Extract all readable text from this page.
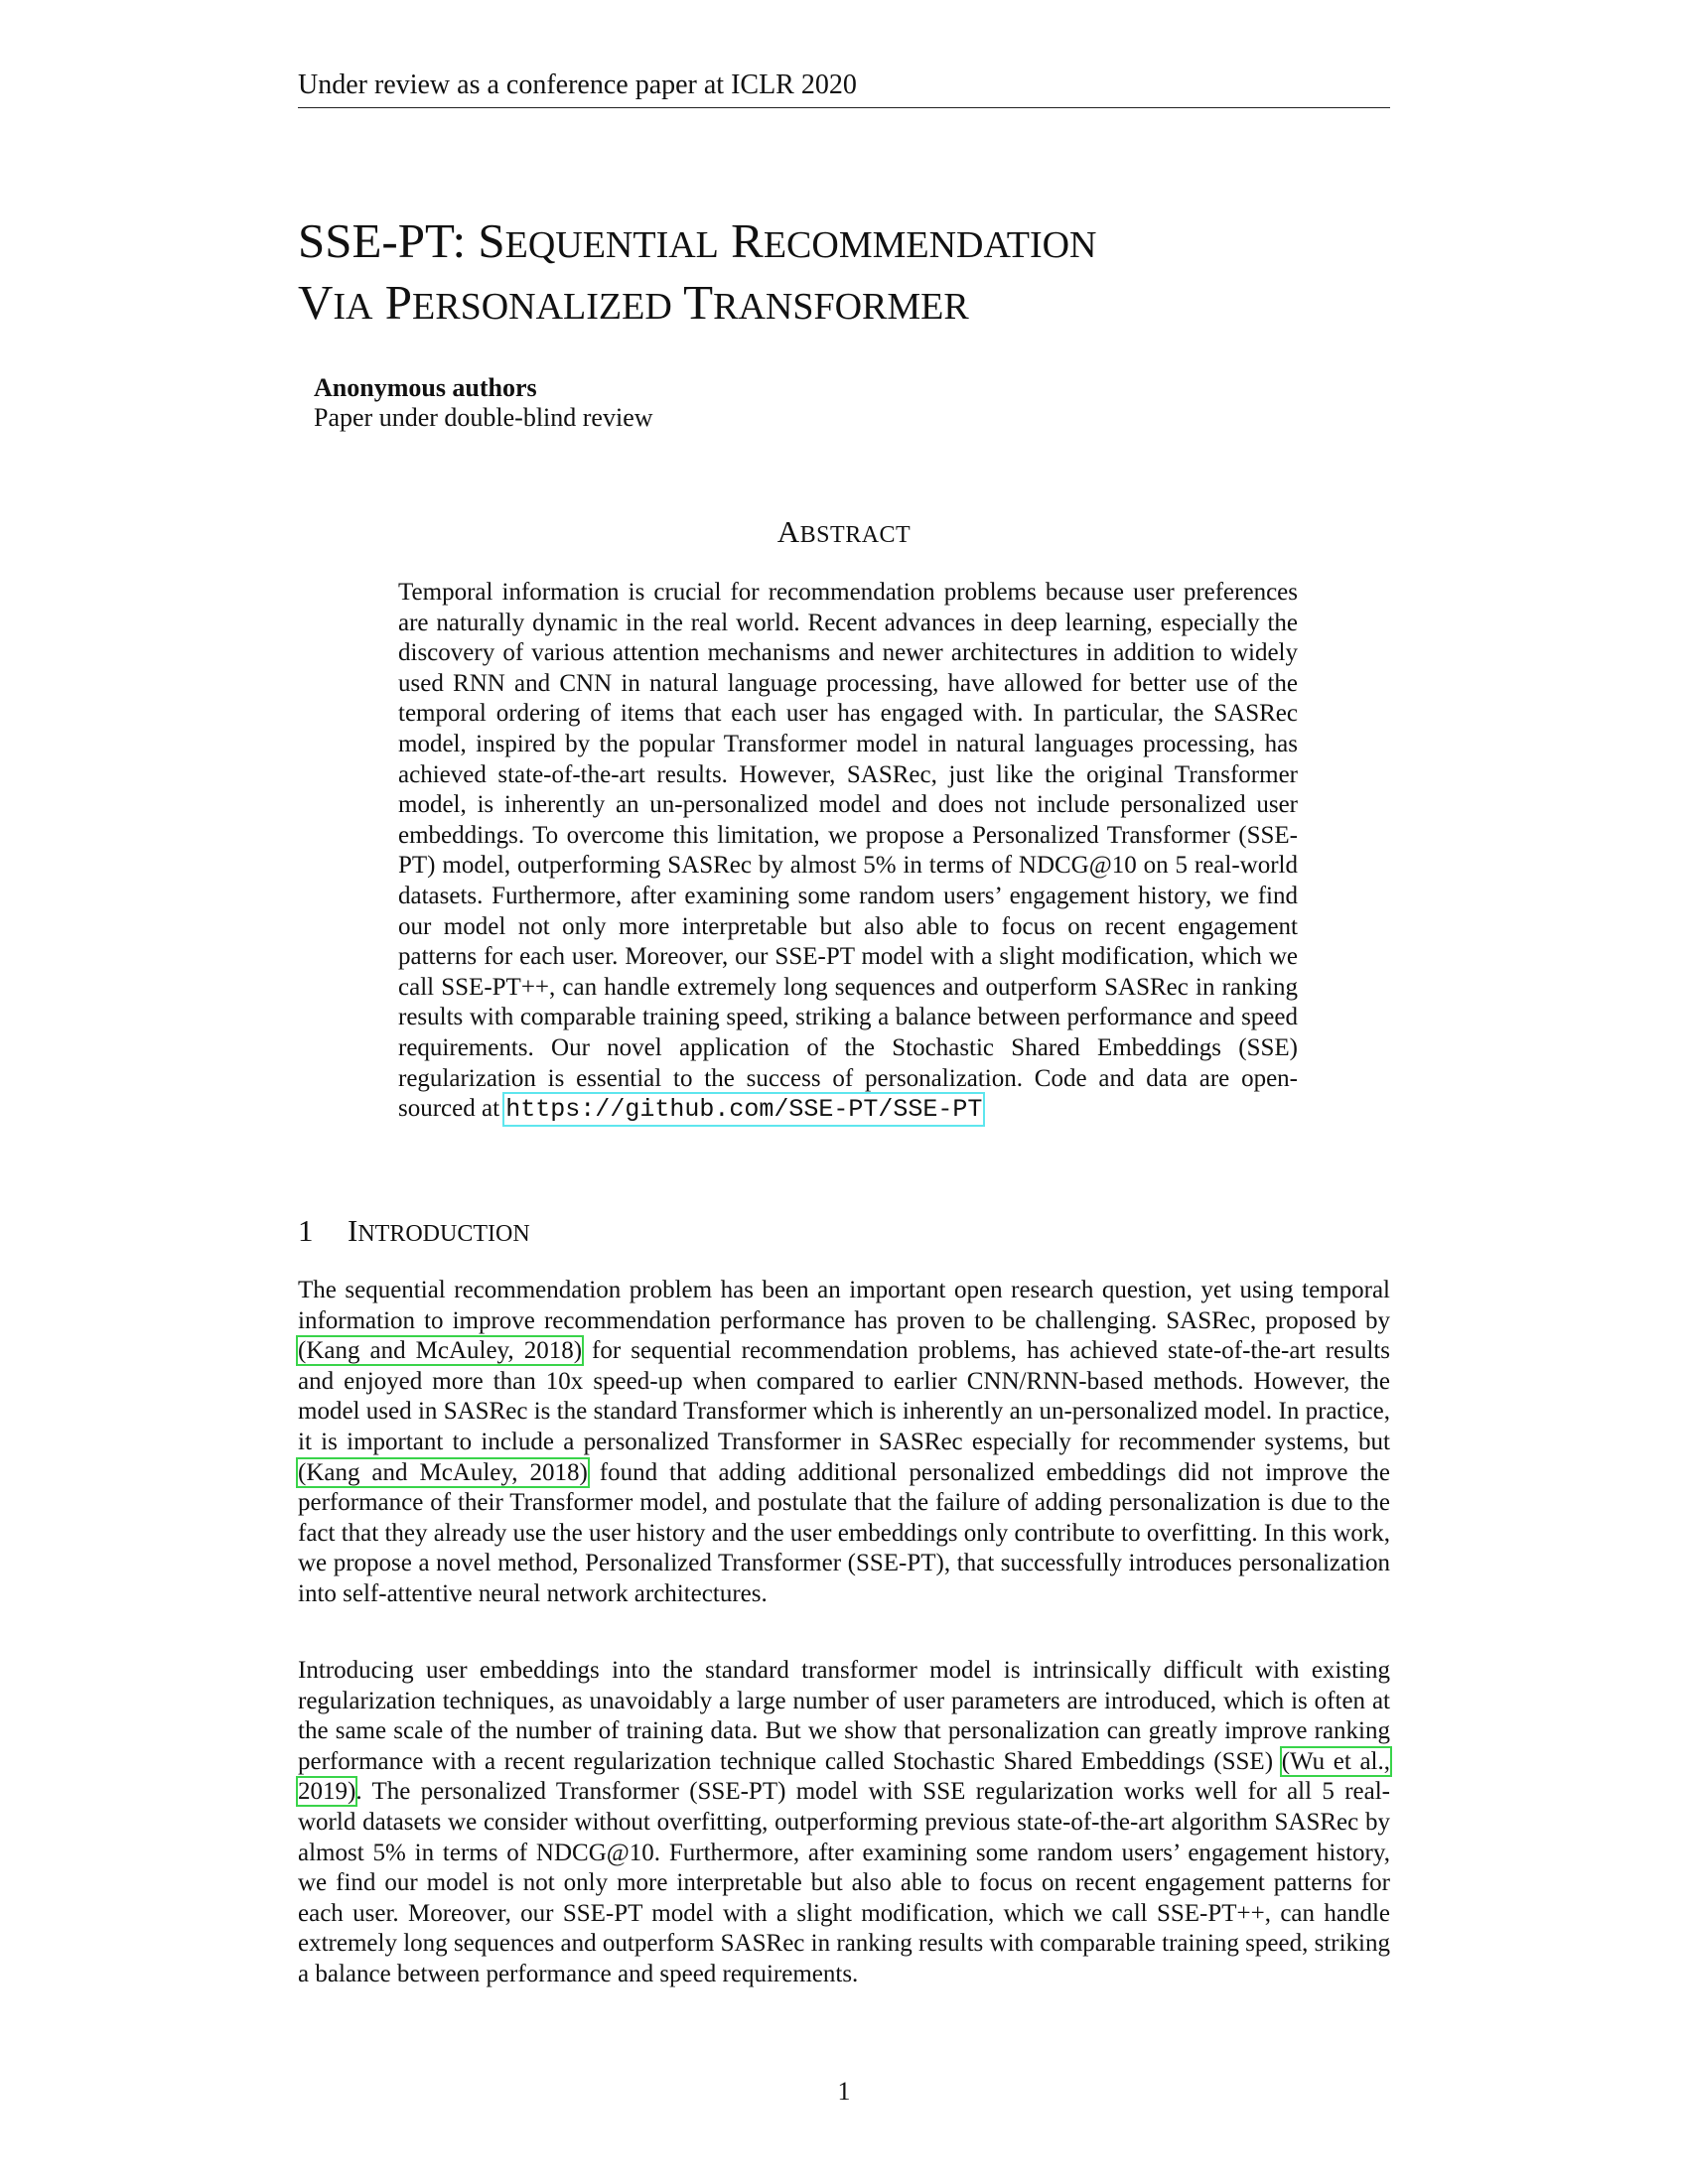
Under review as a conference paper at ICLR 2020
SSE-PT: SEQUENTIAL RECOMMENDATION
VIA PERSONALIZED TRANSFORMER
Anonymous authors
Paper under double-blind review
ABSTRACT
Temporal information is crucial for recommendation problems because user preferences are naturally dynamic in the real world. Recent advances in deep learning, especially the discovery of various attention mechanisms and newer architectures in addition to widely used RNN and CNN in natural language processing, have allowed for better use of the temporal ordering of items that each user has engaged with. In particular, the SASRec model, inspired by the popular Transformer model in natural languages processing, has achieved state-of-the-art results. However, SASRec, just like the original Transformer model, is inherently an un-personalized model and does not include personalized user embeddings. To overcome this limitation, we propose a Personalized Transformer (SSE-PT) model, outperforming SASRec by almost 5% in terms of NDCG@10 on 5 real-world datasets. Furthermore, after examining some random users’ engagement history, we find our model not only more interpretable but also able to focus on recent engagement patterns for each user. Moreover, our SSE-PT model with a slight modification, which we call SSE-PT++, can handle extremely long sequences and outperform SASRec in ranking results with comparable training speed, striking a balance between performance and speed requirements. Our novel application of the Stochastic Shared Embeddings (SSE) regularization is essential to the success of personalization. Code and data are open-sourced at https://github.com/SSE-PT/SSE-PT
1 INTRODUCTION

The sequential recommendation problem has been an important open research question, yet using temporal information to improve recommendation performance has proven to be challenging. SASRec, proposed by (Kang and McAuley, 2018) for sequential recommendation problems, has achieved state-of-the-art results and enjoyed more than 10x speed-up when compared to earlier CNN/RNN-based methods. However, the model used in SASRec is the standard Transformer which is inherently an un-personalized model. In practice, it is important to include a personalized Transformer in SASRec especially for recommender systems, but (Kang and McAuley, 2018) found that adding additional personalized embeddings did not improve the performance of their Transformer model, and postulate that the failure of adding personalization is due to the fact that they already use the user history and the user embeddings only contribute to overfitting. In this work, we propose a novel method, Personalized Transformer (SSE-PT), that successfully introduces personalization into self-attentive neural network architectures.

Introducing user embeddings into the standard transformer model is intrinsically difficult with existing regularization techniques, as unavoidably a large number of user parameters are introduced, which is often at the same scale of the number of training data. But we show that personalization can greatly improve ranking performance with a recent regularization technique called Stochastic Shared Embeddings (SSE) (Wu et al., 2019). The personalized Transformer (SSE-PT) model with SSE regularization works well for all 5 real-world datasets we consider without overfitting, outperforming previous state-of-the-art algorithm SASRec by almost 5% in terms of NDCG@10. Furthermore, after examining some random users’ engagement history, we find our model is not only more interpretable but also able to focus on recent engagement patterns for each user. Moreover, our SSE-PT model with a slight modification, which we call SSE-PT++, can handle extremely long sequences and outperform SASRec in ranking results with comparable training speed, striking a balance between performance and speed requirements.

1
